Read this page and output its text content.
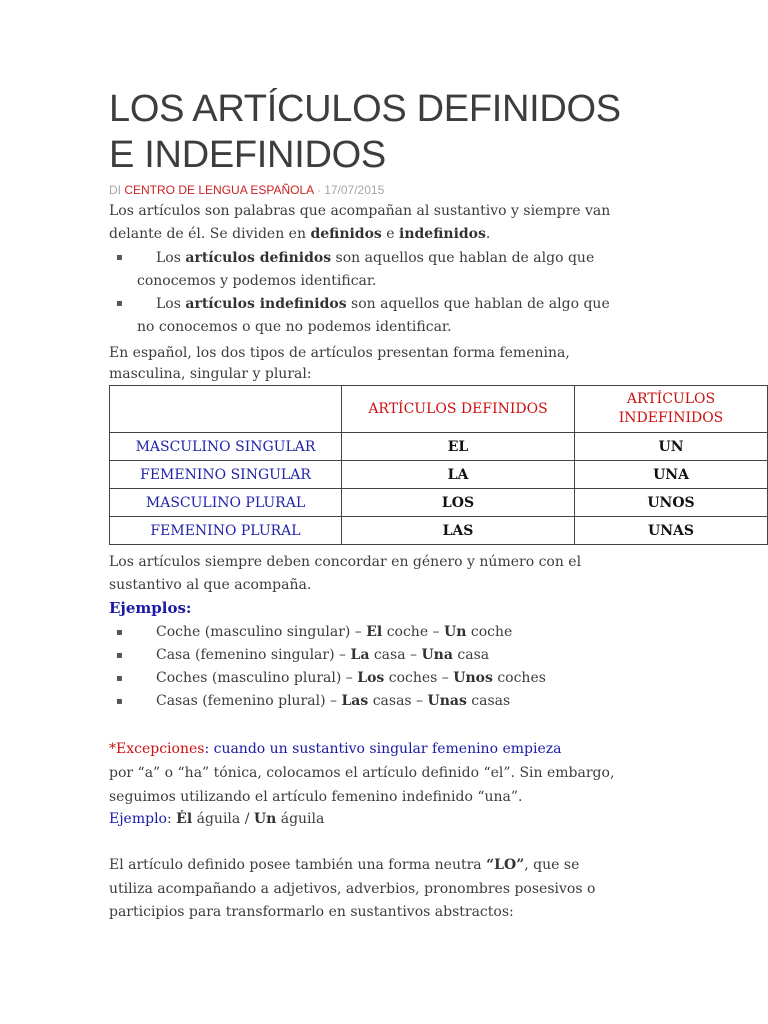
LOS ARTÍCULOS DEFINIDOS
E INDEFINIDOS
DI CENTRO DE LENGUA ESPAÑOLA · 17/07/2015

Los artículos son palabras que acompañan al sustantivo y siempre van

delante de él. Se dividen en definidos e indefinidos.

▪ Los artículos definidos son aquellos que hablan de algo que

conocemos y podemos identificar.

▪ Los artículos indefinidos son aquellos que hablan de algo que

no conocemos o que no podemos identificar.

En español, los dos tipos de artículos presentan forma femenina,

masculina, singular y plural:

	ARTÍCULOS DEFINIDOS	ARTÍCULOS
INDEFINIDOS
MASCULINO SINGULAR	EL	UN
FEMENINO SINGULAR	LA	UNA
MASCULINO PLURAL	LOS	UNOS
FEMENINO PLURAL	LAS	UNAS

Los artículos siempre deben concordar en género y número con el

sustantivo al que acompaña.

Ejemplos:

▪ Coche (masculino singular) – El coche – Un coche

▪ Casa (femenino singular) – La casa – Una casa

▪ Coches (masculino plural) – Los coches – Unos coches

▪ Casas (femenino plural) – Las casas – Unas casas

*Excepciones: cuando un sustantivo singular femenino empieza

por “a” o “ha” tónica, colocamos el artículo definido “el”. Sin embargo,

seguimos utilizando el artículo femenino indefinido “una”.

Ejemplo: Él águila / Un águila

El artículo definido posee también una forma neutra “LO”, que se

utiliza acompañando a adjetivos, adverbios, pronombres posesivos o

participios para transformarlo en sustantivos abstractos:
